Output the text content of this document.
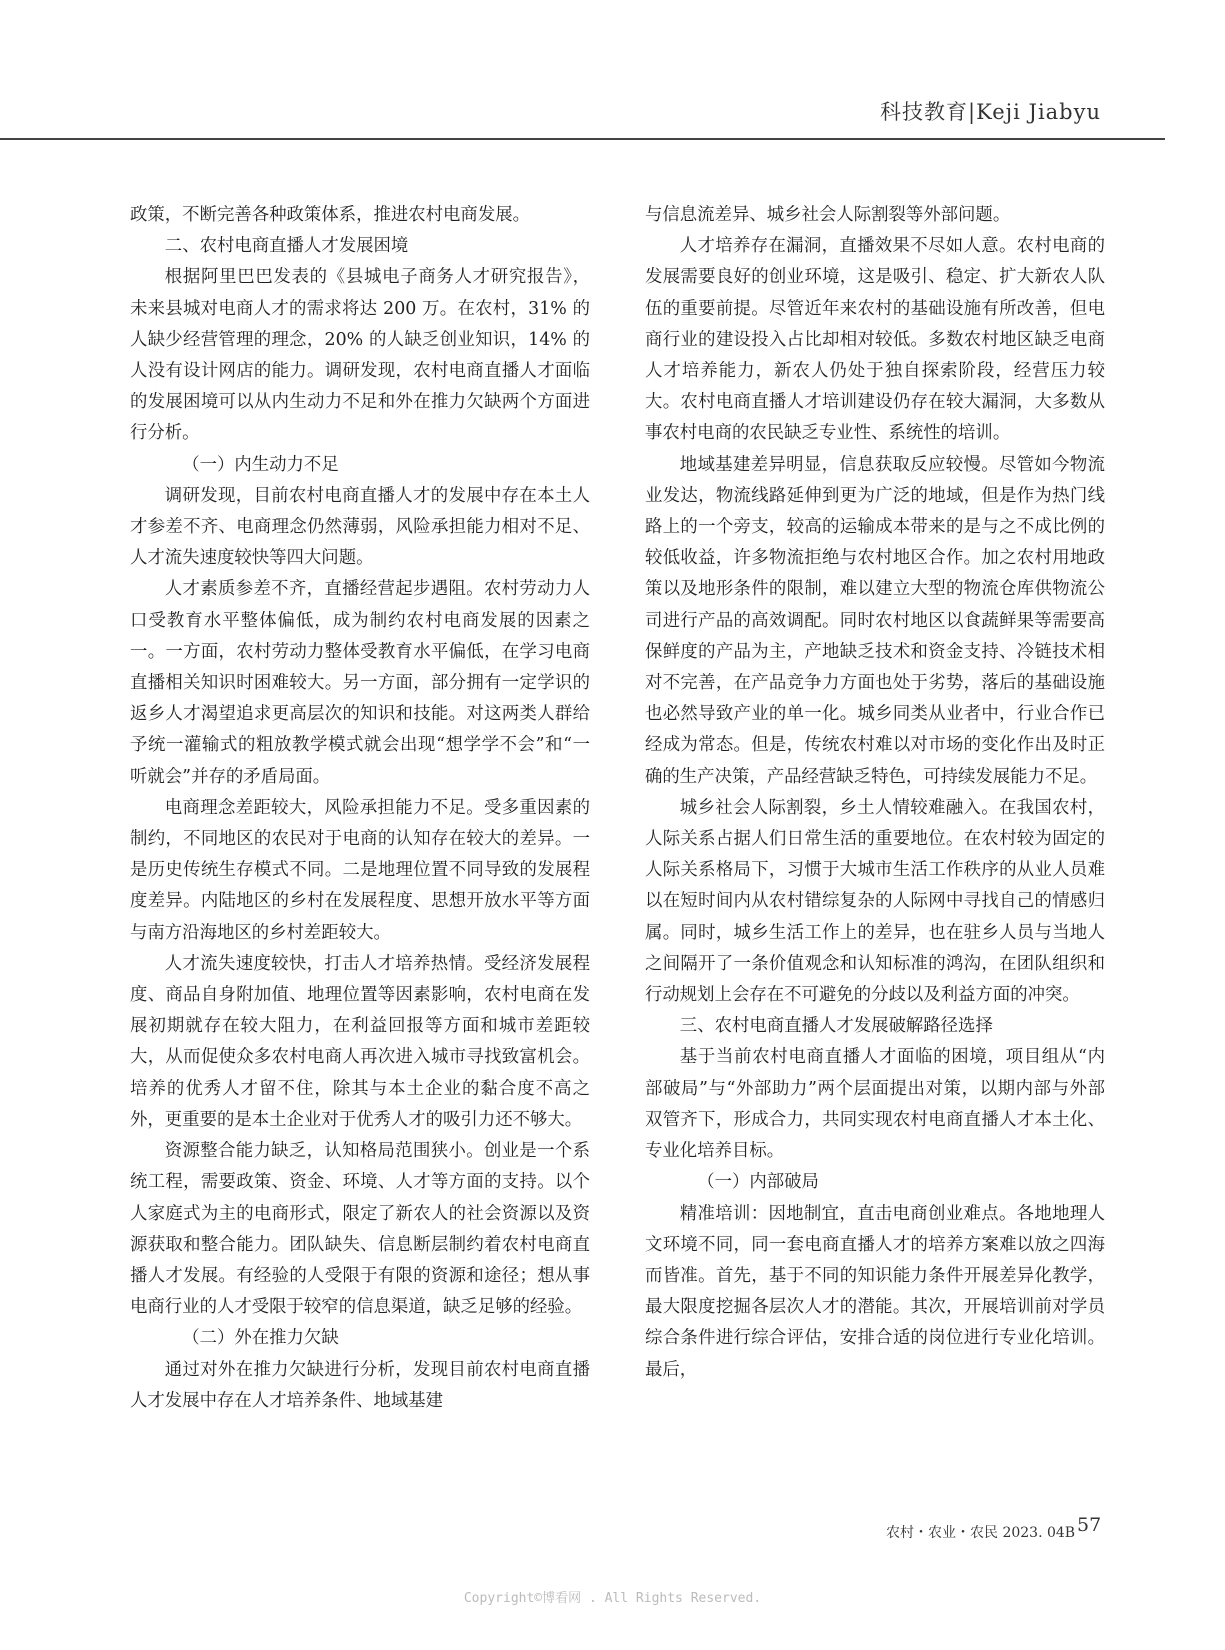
科技教育|Keji Jiabyu

政策，不断完善各种政策体系，推进农村电商发展。

二、农村电商直播人才发展困境

根据阿里巴巴发表的《县城电子商务人才研究报告》，未来县城对电商人才的需求将达 200 万。在农村，31% 的人缺少经营管理的理念，20% 的人缺乏创业知识，14% 的人没有设计网店的能力。调研发现，农村电商直播人才面临的发展困境可以从内生动力不足和外在推力欠缺两个方面进行分析。

（一）内生动力不足

调研发现，目前农村电商直播人才的发展中存在本土人才参差不齐、电商理念仍然薄弱，风险承担能力相对不足、人才流失速度较快等四大问题。

人才素质参差不齐，直播经营起步遇阻。农村劳动力人口受教育水平整体偏低，成为制约农村电商发展的因素之一。一方面，农村劳动力整体受教育水平偏低，在学习电商直播相关知识时困难较大。另一方面，部分拥有一定学识的返乡人才渴望追求更高层次的知识和技能。对这两类人群给予统一灌输式的粗放教学模式就会出现“想学学不会”和“一听就会”并存的矛盾局面。

电商理念差距较大，风险承担能力不足。受多重因素的制约，不同地区的农民对于电商的认知存在较大的差异。一是历史传统生存模式不同。二是地理位置不同导致的发展程度差异。内陆地区的乡村在发展程度、思想开放水平等方面与南方沿海地区的乡村差距较大。

人才流失速度较快，打击人才培养热情。受经济发展程度、商品自身附加值、地理位置等因素影响，农村电商在发展初期就存在较大阻力，在利益回报等方面和城市差距较大，从而促使众多农村电商人再次进入城市寻找致富机会。培养的优秀人才留不住，除其与本土企业的黏合度不高之外，更重要的是本土企业对于优秀人才的吸引力还不够大。

资源整合能力缺乏，认知格局范围狭小。创业是一个系统工程，需要政策、资金、环境、人才等方面的支持。以个人家庭式为主的电商形式，限定了新农人的社会资源以及资源获取和整合能力。团队缺失、信息断层制约着农村电商直播人才发展。有经验的人受限于有限的资源和途径；想从事电商行业的人才受限于较窄的信息渠道，缺乏足够的经验。

（二）外在推力欠缺

通过对外在推力欠缺进行分析，发现目前农村电商直播人才发展中存在人才培养条件、地域基建

与信息流差异、城乡社会人际割裂等外部问题。

人才培养存在漏洞，直播效果不尽如人意。农村电商的发展需要良好的创业环境，这是吸引、稳定、扩大新农人队伍的重要前提。尽管近年来农村的基础设施有所改善，但电商行业的建设投入占比却相对较低。多数农村地区缺乏电商人才培养能力，新农人仍处于独自探索阶段，经营压力较大。农村电商直播人才培训建设仍存在较大漏洞，大多数从事农村电商的农民缺乏专业性、系统性的培训。

地域基建差异明显，信息获取反应较慢。尽管如今物流业发达，物流线路延伸到更为广泛的地域，但是作为热门线路上的一个旁支，较高的运输成本带来的是与之不成比例的较低收益，许多物流拒绝与农村地区合作。加之农村用地政策以及地形条件的限制，难以建立大型的物流仓库供物流公司进行产品的高效调配。同时农村地区以食蔬鲜果等需要高保鲜度的产品为主，产地缺乏技术和资金支持、冷链技术相对不完善，在产品竞争力方面也处于劣势，落后的基础设施也必然导致产业的单一化。城乡同类从业者中，行业合作已经成为常态。但是，传统农村难以对市场的变化作出及时正确的生产决策，产品经营缺乏特色，可持续发展能力不足。

城乡社会人际割裂，乡土人情较难融入。在我国农村，人际关系占据人们日常生活的重要地位。在农村较为固定的人际关系格局下，习惯于大城市生活工作秩序的从业人员难以在短时间内从农村错综复杂的人际网中寻找自己的情感归属。同时，城乡生活工作上的差异，也在驻乡人员与当地人之间隔开了一条价值观念和认知标准的鸿沟，在团队组织和行动规划上会存在不可避免的分歧以及利益方面的冲突。

三、农村电商直播人才发展破解路径选择

基于当前农村电商直播人才面临的困境，项目组从“内部破局”与“外部助力”两个层面提出对策，以期内部与外部双管齐下，形成合力，共同实现农村电商直播人才本土化、专业化培养目标。

（一）内部破局

精准培训：因地制宜，直击电商创业难点。各地地理人文环境不同，同一套电商直播人才的培养方案难以放之四海而皆准。首先，基于不同的知识能力条件开展差异化教学，最大限度挖掘各层次人才的潜能。其次，开展培训前对学员综合条件进行综合评估，安排合适的岗位进行专业化培训。最后，

农村・农业・农民 2023. 04B 57
Copyright©博看网 . All Rights Reserved.
